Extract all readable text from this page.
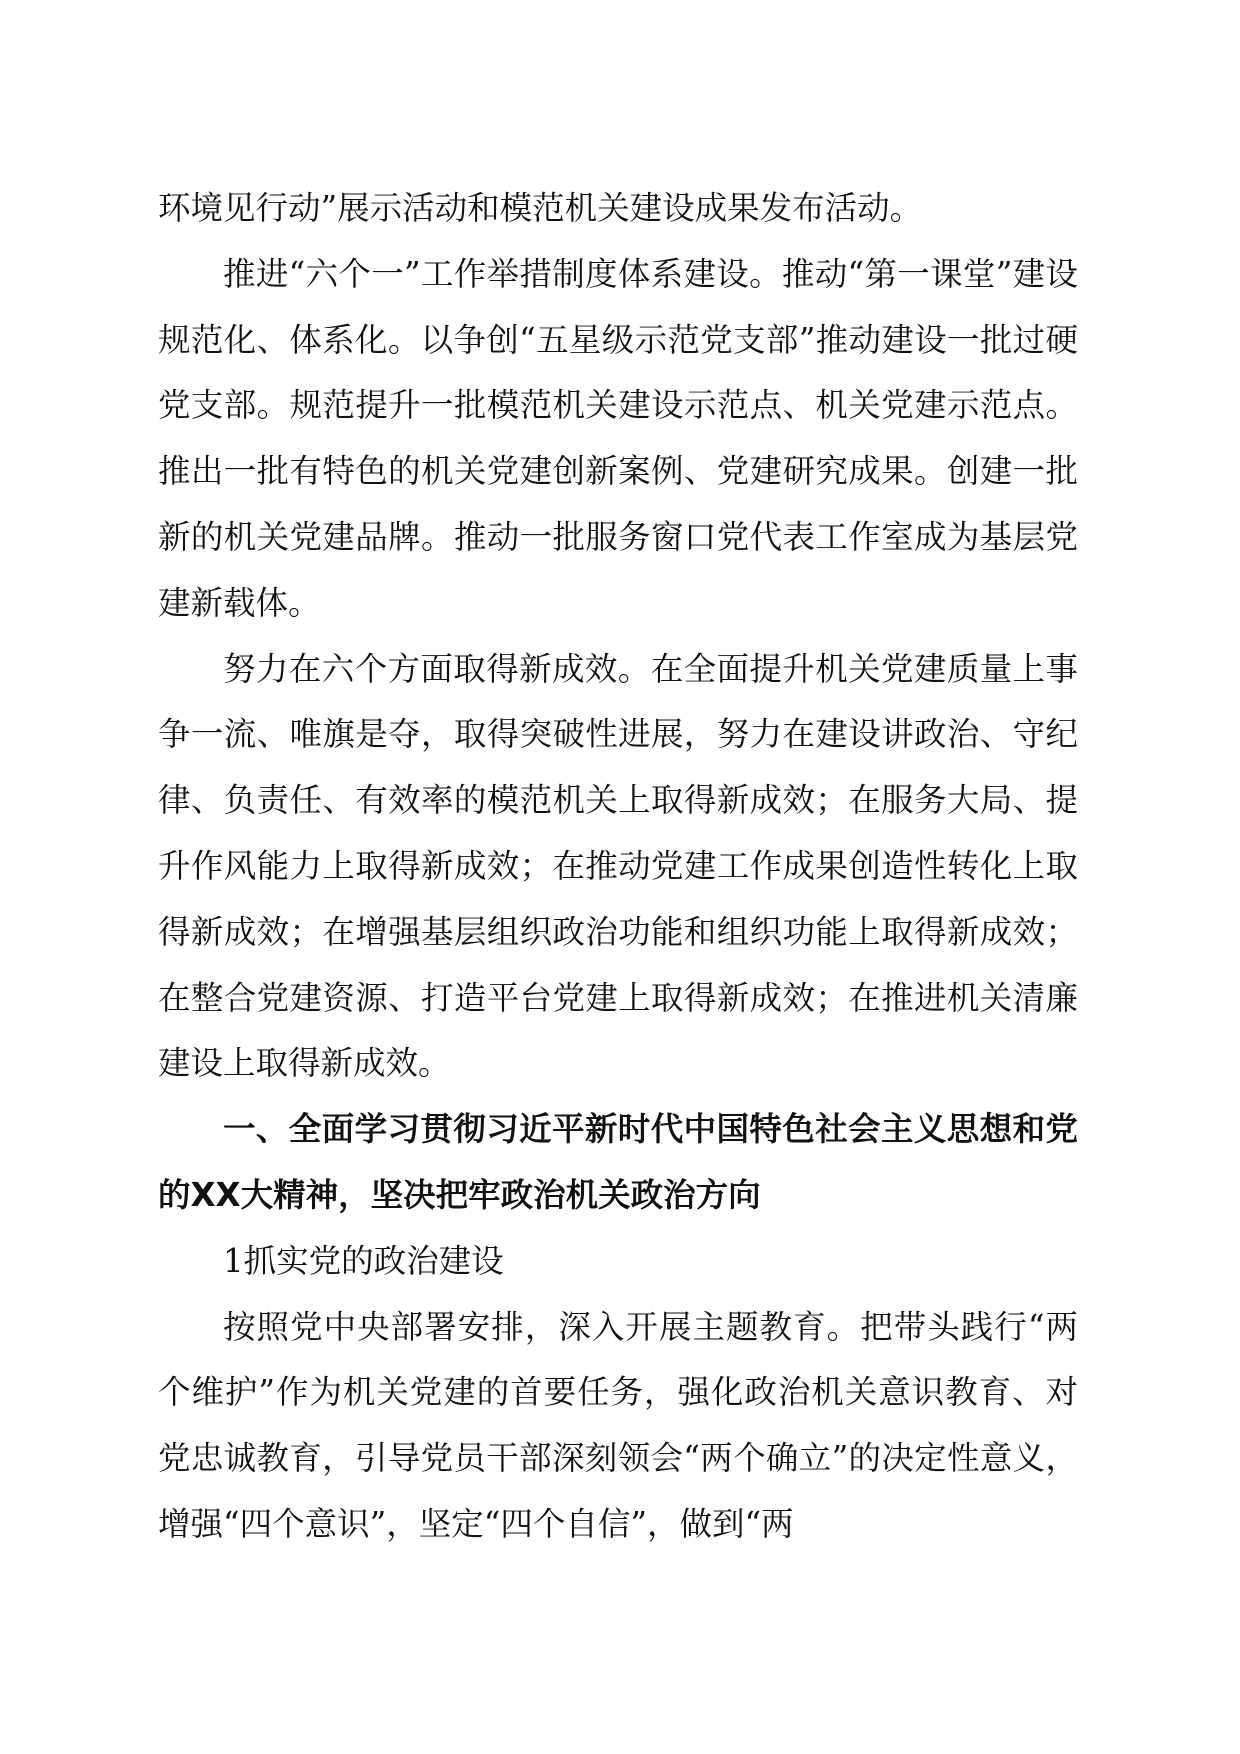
环境见行动”展示活动和模范机关建设成果发布活动。

推进“六个一”工作举措制度体系建设。推动“第一课堂”建设规范化、体系化。以争创“五星级示范党支部”推动建设一批过硬党支部。规范提升一批模范机关建设示范点、机关党建示范点。推出一批有特色的机关党建创新案例、党建研究成果。创建一批新的机关党建品牌。推动一批服务窗口党代表工作室成为基层党建新载体。

努力在六个方面取得新成效。在全面提升机关党建质量上事争一流、唯旗是夺，取得突破性进展，努力在建设讲政治、守纪律、负责任、有效率的模范机关上取得新成效；在服务大局、提升作风能力上取得新成效；在推动党建工作成果创造性转化上取得新成效；在增强基层组织政治功能和组织功能上取得新成效；在整合党建资源、打造平台党建上取得新成效；在推进机关清廉建设上取得新成效。

一、全面学习贯彻习近平新时代中国特色社会主义思想和党的XX大精神，坚决把牢政治机关政治方向

1抓实党的政治建设

按照党中央部署安排，深入开展主题教育。把带头践行“两个维护”作为机关党建的首要任务，强化政治机关意识教育、对党忠诚教育，引导党员干部深刻领会“两个确立”的决定性意义，增强“四个意识”，坚定“四个自信”，做到“两
